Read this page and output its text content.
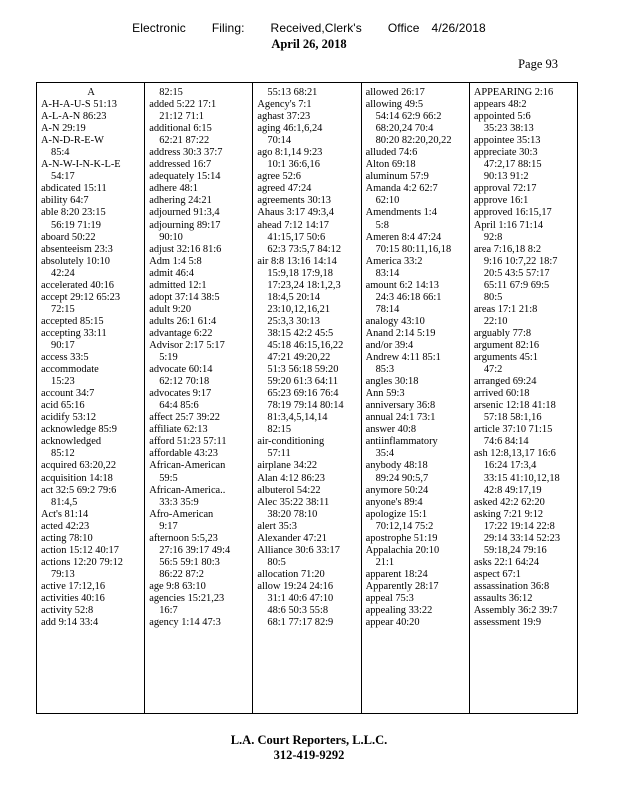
Electronic Filing: Received,Clerk's Office 4/26/2018
April 26, 2018
Page 93
A
A-H-A-U-S 51:13
A-L-A-N 86:23
A-N 29:19
A-N-D-R-E-W
85:4
A-N-W-I-N-K-L-E
54:17
abdicated 15:11
ability 64:7
able 8:20 23:15
56:19 71:19
aboard 50:22
absenteeism 23:3
absolutely 10:10
42:24
accelerated 40:16
accept 29:12 65:23
72:15
accepted 85:15
accepting 33:11
90:17
access 33:5
accommodate
15:23
account 34:7
acid 65:16
acidify 53:12
acknowledge 85:9
acknowledged
85:12
acquired 63:20,22
acquisition 14:18
act 32:5 69:2 79:6
81:4,5
Act's 81:14
acted 42:23
acting 78:10
action 15:12 40:17
actions 12:20 79:12
79:13
active 17:12,16
activities 40:16
activity 52:8
add 9:14 33:4
82:15
added 5:22 17:1
21:12 71:1
additional 6:15
62:21 87:22
address 30:3 37:7
addressed 16:7
adequately 15:14
adhere 48:1
adhering 24:21
adjourned 91:3,4
adjourning 89:17
90:10
adjust 32:16 81:6
Adm 1:4 5:8
admit 46:4
admitted 12:1
adopt 37:14 38:5
adult 9:20
adults 26:1 61:4
advantage 6:22
Advisor 2:17 5:17
5:19
advocate 60:14
62:12 70:18
advocates 9:17
64:4 85:6
affect 25:7 39:22
affiliate 62:13
afford 51:23 57:11
affordable 43:23
African-American
59:5
African-America..
33:3 35:9
Afro-American
9:17
afternoon 5:5,23
27:16 39:17 49:4
56:5 59:1 80:3
86:22 87:2
age 9:8 63:10
agencies 15:21,23
16:7
agency 1:14 47:3
55:13 68:21
Agency's 7:1
aghast 37:23
aging 46:1,6,24
70:14
ago 8:1,14 9:23
10:1 36:6,16
agree 52:6
agreed 47:24
agreements 30:13
Ahaus 3:17 49:3,4
ahead 7:12 14:17
41:15,17 50:6
62:3 73:5,7 84:12
air 8:8 13:16 14:14
15:9,18 17:9,18
17:23,24 18:1,2,3
18:4,5 20:14
23:10,12,16,21
25:3,3 30:13
38:15 42:2 45:5
45:18 46:15,16,22
47:21 49:20,22
51:3 56:18 59:20
59:20 61:3 64:11
65:23 69:16 76:4
78:19 79:14 80:14
81:3,4,5,14,14
82:15
air-conditioning
57:11
airplane 34:22
Alan 4:12 86:23
albuterol 54:22
Alec 35:22 38:11
38:20 78:10
alert 35:3
Alexander 47:21
Alliance 30:6 33:17
80:5
allocation 71:20
allow 19:24 24:16
31:1 40:6 47:10
48:6 50:3 55:8
68:1 77:17 82:9
allowed 26:17
allowing 49:5
54:14 62:9 66:2
68:20,24 70:4
80:20 82:20,20,22
alluded 74:6
Alton 69:18
aluminum 57:9
Amanda 4:2 62:7
62:10
Amendments 1:4
5:8
Ameren 8:4 47:24
70:15 80:11,16,18
America 33:2
83:14
amount 6:2 14:13
24:3 46:18 66:1
78:14
analogy 43:10
Anand 2:14 5:19
and/or 39:4
Andrew 4:11 85:1
85:3
angles 30:18
Ann 59:3
anniversary 36:8
annual 24:1 73:1
answer 40:8
antiinflammatory
35:4
anybody 48:18
89:24 90:5,7
anymore 50:24
anyone's 89:4
apologize 15:1
70:12,14 75:2
apostrophe 51:19
Appalachia 20:10
21:1
apparent 18:24
Apparently 28:17
appeal 75:3
appealing 33:22
appear 40:20
APPEARING 2:16
appears 48:2
appointed 5:6
35:23 38:13
appointee 35:13
appreciate 30:3
47:2,17 88:15
90:13 91:2
approval 72:17
approve 16:1
approved 16:15,17
April 1:16 71:14
92:8
area 7:16,18 8:2
9:16 10:7,22 18:7
20:5 43:5 57:17
65:11 67:9 69:5
80:5
areas 17:1 21:8
22:10
arguably 77:8
argument 82:16
arguments 45:1
47:2
arranged 69:24
arrived 60:18
arsenic 12:18 41:18
57:18 58:1,16
article 37:10 71:15
74:6 84:14
ash 12:8,13,17 16:6
16:24 17:3,4
33:15 41:10,12,18
42:8 49:17,19
asked 42:2 62:20
asking 7:21 9:12
17:22 19:14 22:8
29:14 33:14 52:23
59:18,24 79:16
asks 22:1 64:24
aspect 67:1
assassination 36:8
assaults 36:12
Assembly 36:2 39:7
assessment 19:9
L.A. Court Reporters, L.L.C.
312-419-9292
